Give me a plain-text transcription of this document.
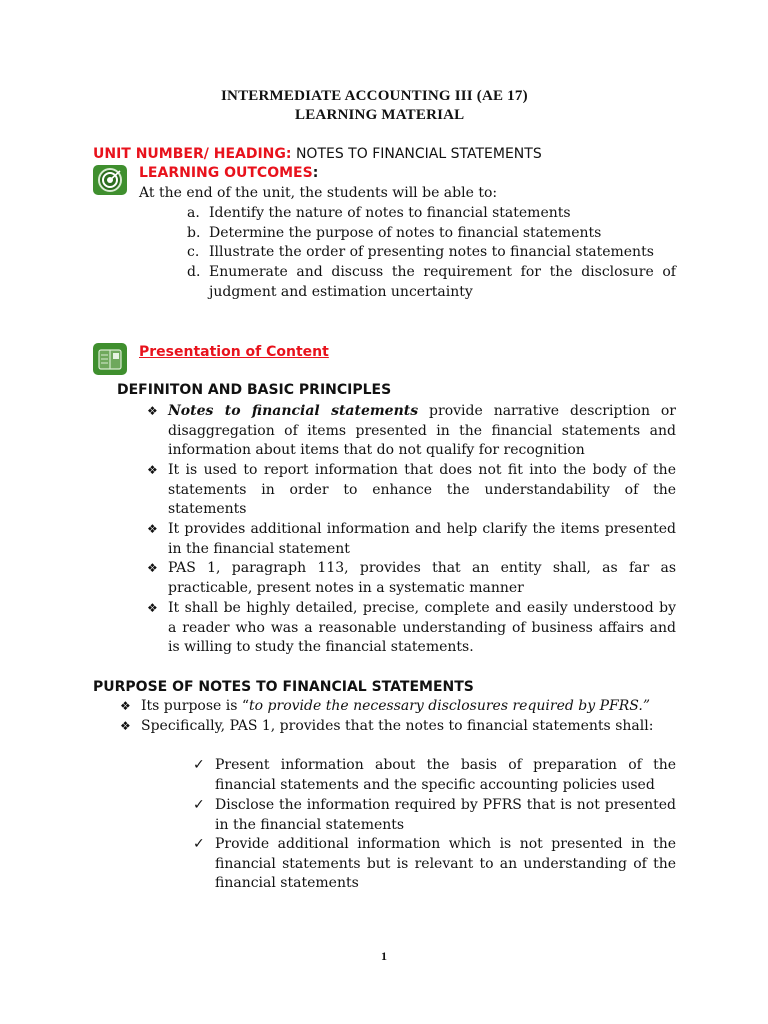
INTERMEDIATE ACCOUNTING III (AE 17)
LEARNING MATERIAL
UNIT NUMBER/ HEADING: NOTES TO FINANCIAL STATEMENTS
LEARNING OUTCOMES:
At the end of the unit, the students will be able to:
a. Identify the nature of notes to financial statements
b. Determine the purpose of notes to financial statements
c. Illustrate the order of presenting notes to financial statements
d. Enumerate and discuss the requirement for the disclosure of judgment and estimation uncertainty
Presentation of Content
DEFINITON AND BASIC PRINCIPLES
❖ Notes to financial statements provide narrative description or disaggregation of items presented in the financial statements and information about items that do not qualify for recognition
❖ It is used to report information that does not fit into the body of the statements in order to enhance the understandability of the statements
❖ It provides additional information and help clarify the items presented in the financial statement
❖ PAS 1, paragraph 113, provides that an entity shall, as far as practicable, present notes in a systematic manner
❖ It shall be highly detailed, precise, complete and easily understood by a reader who was a reasonable understanding of business affairs and is willing to study the financial statements.
PURPOSE OF NOTES TO FINANCIAL STATEMENTS
❖ Its purpose is “to provide the necessary disclosures required by PFRS.”
❖ Specifically, PAS 1, provides that the notes to financial statements shall:
✓ Present information about the basis of preparation of the financial statements and the specific accounting policies used
✓ Disclose the information required by PFRS that is not presented in the financial statements
✓ Provide additional information which is not presented in the financial statements but is relevant to an understanding of the financial statements
1
